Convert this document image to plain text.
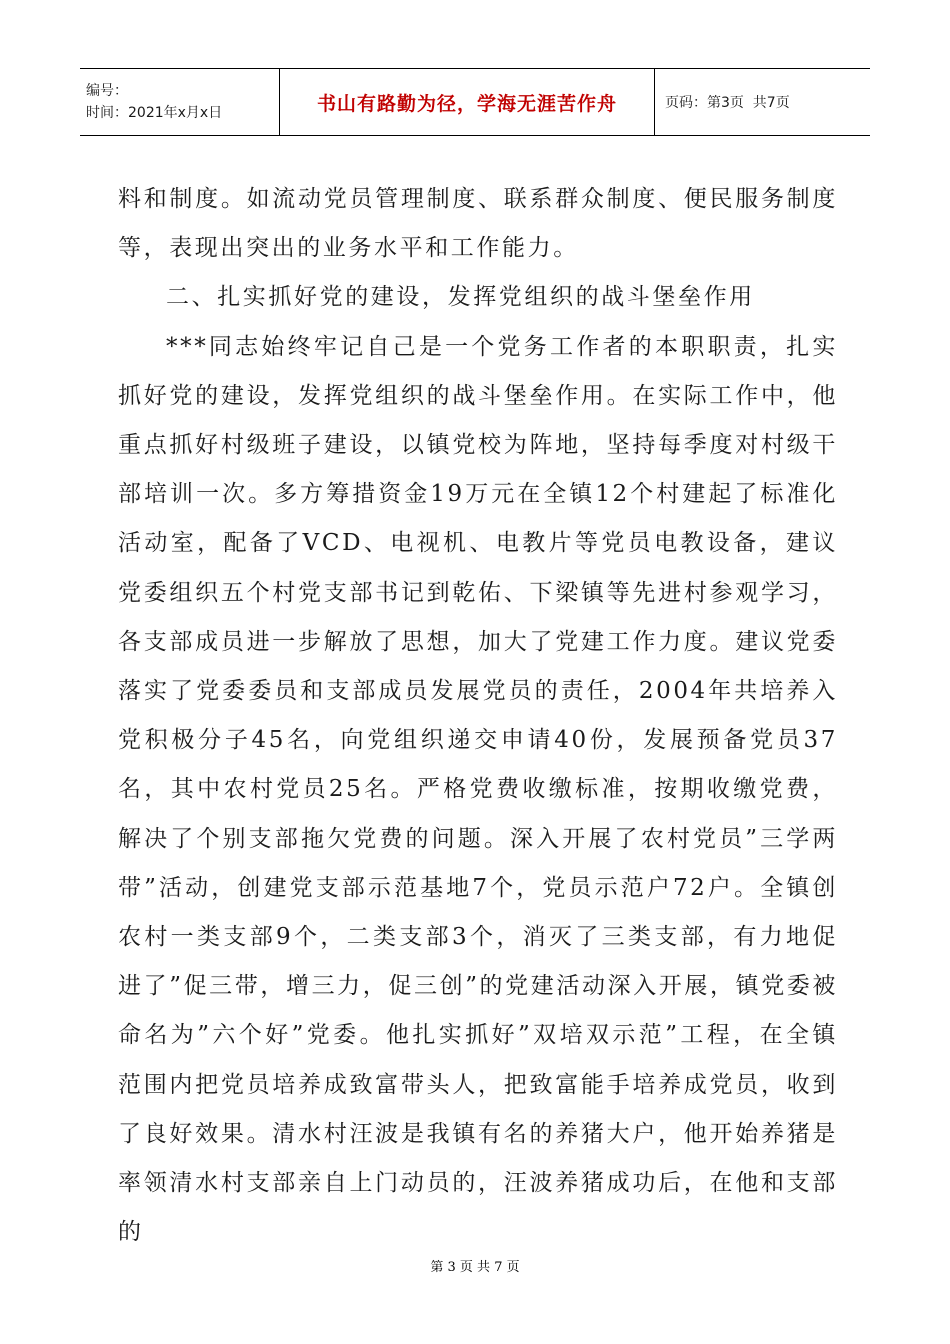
编号：
时间： 2021年x月x日	书山有路勤为径，学海无涯苦作舟	页码：第3页  共7页

料和制度。如流动党员管理制度、联系群众制度、便民服务制度等，表现出突出的业务水平和工作能力。

二、扎实抓好党的建设，发挥党组织的战斗堡垒作用

***同志始终牢记自己是一个党务工作者的本职职责，扎实抓好党的建设，发挥党组织的战斗堡垒作用。在实际工作中，他重点抓好村级班子建设，以镇党校为阵地，坚持每季度对村级干部培训一次。多方筹措资金19万元在全镇12个村建起了标准化活动室，配备了VCD、电视机、电教片等党员电教设备，建议党委组织五个村党支部书记到乾佑、下梁镇等先进村参观学习，各支部成员进一步解放了思想，加大了党建工作力度。建议党委落实了党委委员和支部成员发展党员的责任，2004年共培养入党积极分子45名，向党组织递交申请40份，发展预备党员37名，其中农村党员25名。严格党费收缴标准，按期收缴党费，解决了个别支部拖欠党费的问题。深入开展了农村党员”三学两带”活动，创建党支部示范基地7个，党员示范户72户。全镇创农村一类支部9个，二类支部3个，消灭了三类支部，有力地促进了”促三带，增三力，促三创”的党建活动深入开展，镇党委被命名为”六个好”党委。他扎实抓好”双培双示范”工程，在全镇范围内把党员培养成致富带头人，把致富能手培养成党员，收到了良好效果。清水村汪波是我镇有名的养猪大户，他开始养猪是率领清水村支部亲自上门动员的，汪波养猪成功后，在他和支部的

第 3 页 共 7 页
